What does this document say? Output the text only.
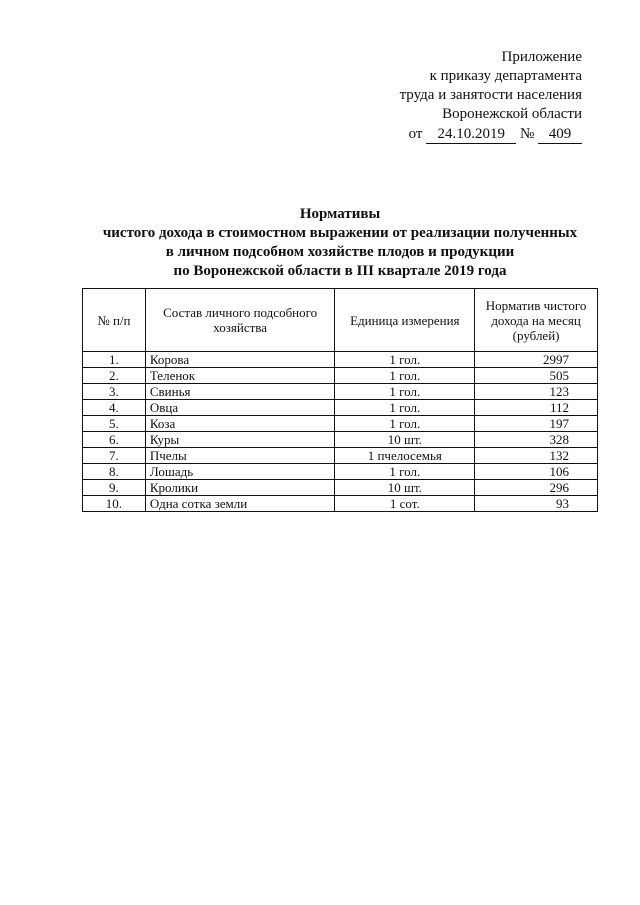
Приложение
к приказу департамента
труда и занятости населения
Воронежской области
от 24.10.2019 № 409
Нормативы
чистого дохода в стоимостном выражении от реализации полученных
в личном подсобном хозяйстве плодов и продукции
по Воронежской области в III квартале 2019 года
№ п/п	Состав личного подсобного хозяйства	Единица измерения	Норматив чистого дохода на месяц (рублей)
1.	Корова	1 гол.	2997
2.	Теленок	1 гол.	505
3.	Свинья	1 гол.	123
4.	Овца	1 гол.	112
5.	Коза	1 гол.	197
6.	Куры	10 шт.	328
7.	Пчелы	1 пчелосемья	132
8.	Лошадь	1 гол.	106
9.	Кролики	10 шт.	296
10.	Одна сотка земли	1 сот.	93
